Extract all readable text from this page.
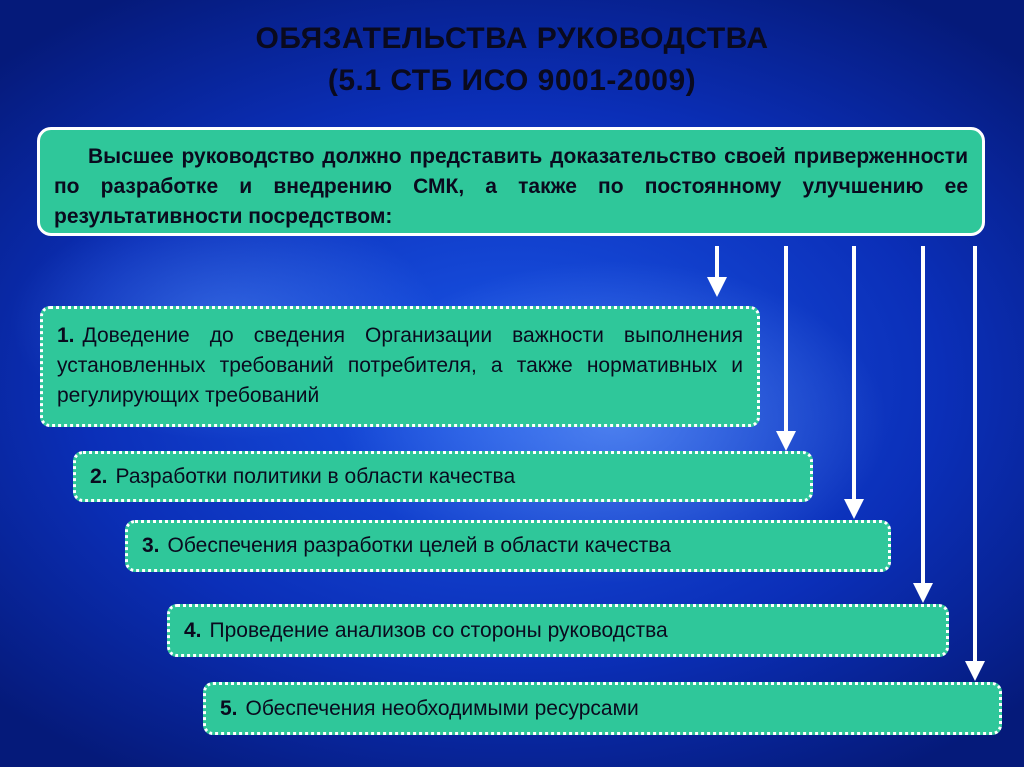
ОБЯЗАТЕЛЬСТВА РУКОВОДСТВА
(5.1 СТБ ИСО 9001-2009)
Высшее руководство должно представить доказательство своей приверженности по разработке и внедрению СМК, а также по постоянному улучшению ее результативности посредством:
1. Доведение до сведения Организации важности выполнения установленных требований потребителя, а также нормативных и регулирующих требований
2. Разработки политики в области качества
3. Обеспечения разработки целей в области качества
4. Проведение анализов со стороны руководства
5. Обеспечения необходимыми ресурсами
